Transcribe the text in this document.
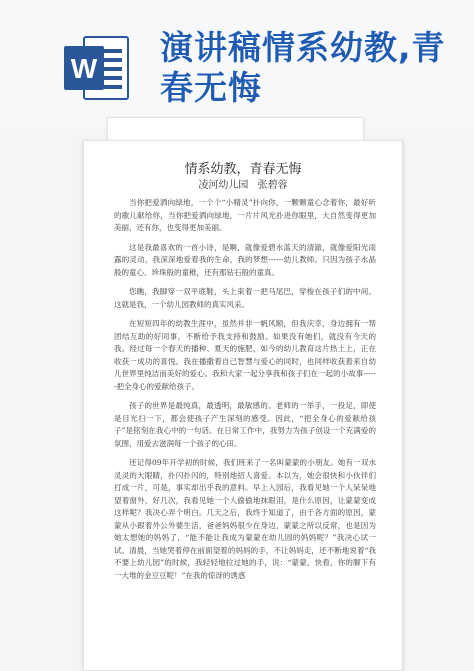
W
演讲稿情系幼教,青春无悔
情系幼教，青春无悔

凌河幼儿园 张碧蓉

当你把爱洒向绿地，一个个“小精灵”扑向你，一颗颗童心念着你，最好听的歌儿献给你，当你把爱洒向绿地，一片片风光扑进你眼里，大自然变得更加美丽，还有你，也变得更加美丽。

这是我最喜欢的一首小诗，是啊，就像爱碧水蓝天的清澈，就像爱阳光雨露的灵动，我深深地爱着我的生命，我的梦想------幼儿教师。只因为孩子水晶般的童心、珍珠般的童稚，还有那钻石般的童真。

您瞧，我脚穿一双平底鞋，头上束着一把马尾巴，穿梭在孩子们的中间。这就是我，一个幼儿园教师的真实风采。

在短短四年的幼教生涯中，虽然并非一帆风顺，但我庆幸，身边拥有一帮团结互助的好同事，不断给予我支持和鼓励。如果没有她们，就没有今天的我。经过每一个春天的播种、夏天的施肥，如今的幼儿教育这片热土上，正在收获一成功的喜悦。我在播撒着自己智慧与爱心的同时，也同样收获着来自幼儿世界里纯洁而美好的爱心。我和大家一起分享我和孩子们在一起的小故事------把全身心的爱献给孩子。

孩子的世界是最纯真，最透明，最敏感的。老师的一举手，一投足，即使是目光扫一下，都会使孩子产生深刻的感受。因此，“把全身心的爱献给孩子”是铭刻在我心中的一句话。在日常工作中，我努力为孩子创设一个充满爱的氛围，用爱去滋润每一个孩子的心田。

还记得09年开学初的时候，我们班来了一名叫蒙蒙的小朋友。她有一双水灵灵的大眼睛，扑闪扑闪的，特别地招人喜爱。本以为，她会很快和小伙伴们打成一片，可是，事实却出乎我的意料。早上入园后，我看见她一个人呆呆地望着窗外，好几次，我看见她一个人偷偷地抹眼泪，是什么原因，让蒙蒙变成这样呢？我决心弄个明白。几天之后，我终于知道了，由于各方面的原因，蒙蒙从小跟着外公外婆生活，爸爸妈妈很少在身边，蒙蒙之所以反常，也是因为她太想她的妈妈了，“能不能让我成为蒙蒙在幼儿园的妈妈呢？”我决心试一试。清晨，当她哭着停在前面望着的妈妈的手，不让妈妈走，还不断地说着“我不要上幼儿园”的时候，我轻轻地拉过她的手，说：“蒙蒙，快看，你的脚下有一大堆的金豆豆呢！”在我的惊讶的诱惑
